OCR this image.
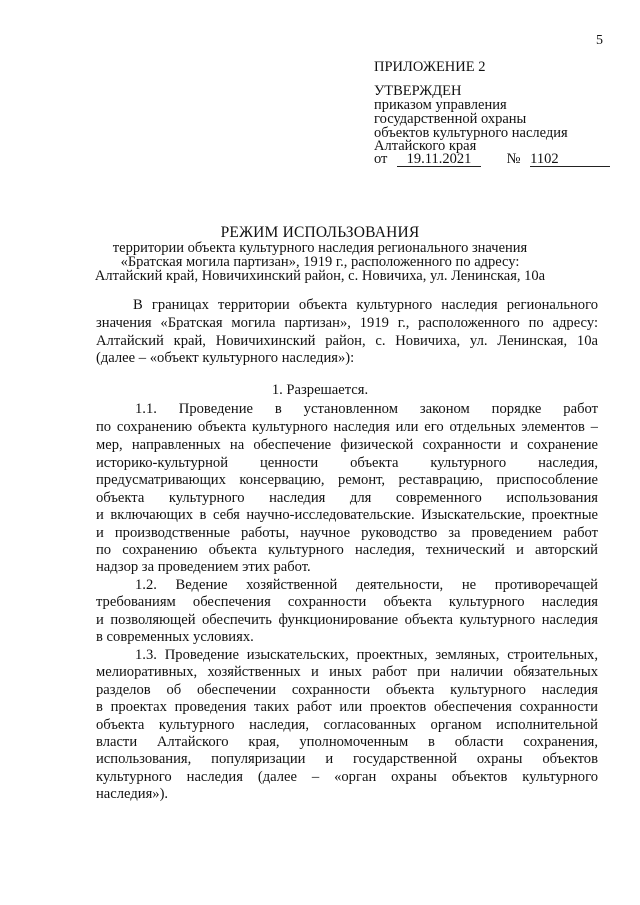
5
ПРИЛОЖЕНИЕ 2
УТВЕРЖДЕН
приказом управления
государственной охраны
объектов культурного наследия
Алтайского края
от 19.11.2021 № 1102
РЕЖИМ ИСПОЛЬЗОВАНИЯ
территории объекта культурного наследия регионального значения
«Братская могила партизан», 1919 г., расположенного по адресу:
Алтайский край, Новичихинский район, с. Новичиха, ул. Ленинская, 10а
В границах территории объекта культурного наследия регионального
значения «Братская могила партизан», 1919 г., расположенного по адресу:
Алтайский край, Новичихинский район, с. Новичиха, ул. Ленинская, 10а
(далее – «объект культурного наследия»):
1. Разрешается.
1.1. Проведение в установленном законом порядке работ
по сохранению объекта культурного наследия или его отдельных элементов –
мер, направленных на обеспечение физической сохранности и сохранение
историко-культурной ценности объекта культурного наследия,
предусматривающих консервацию, ремонт, реставрацию, приспособление
объекта культурного наследия для современного использования
и включающих в себя научно-исследовательские. Изыскательские, проектные
и производственные работы, научное руководство за проведением работ
по сохранению объекта культурного наследия, технический и авторский
надзор за проведением этих работ.
1.2. Ведение хозяйственной деятельности, не противоречащей
требованиям обеспечения сохранности объекта культурного наследия
и позволяющей обеспечить функционирование объекта культурного наследия
в современных условиях.
1.3. Проведение изыскательских, проектных, земляных, строительных,
мелиоративных, хозяйственных и иных работ при наличии обязательных
разделов об обеспечении сохранности объекта культурного наследия
в проектах проведения таких работ или проектов обеспечения сохранности
объекта культурного наследия, согласованных органом исполнительной
власти Алтайского края, уполномоченным в области сохранения,
использования, популяризации и государственной охраны объектов
культурного наследия (далее – «орган охраны объектов культурного
наследия»).
